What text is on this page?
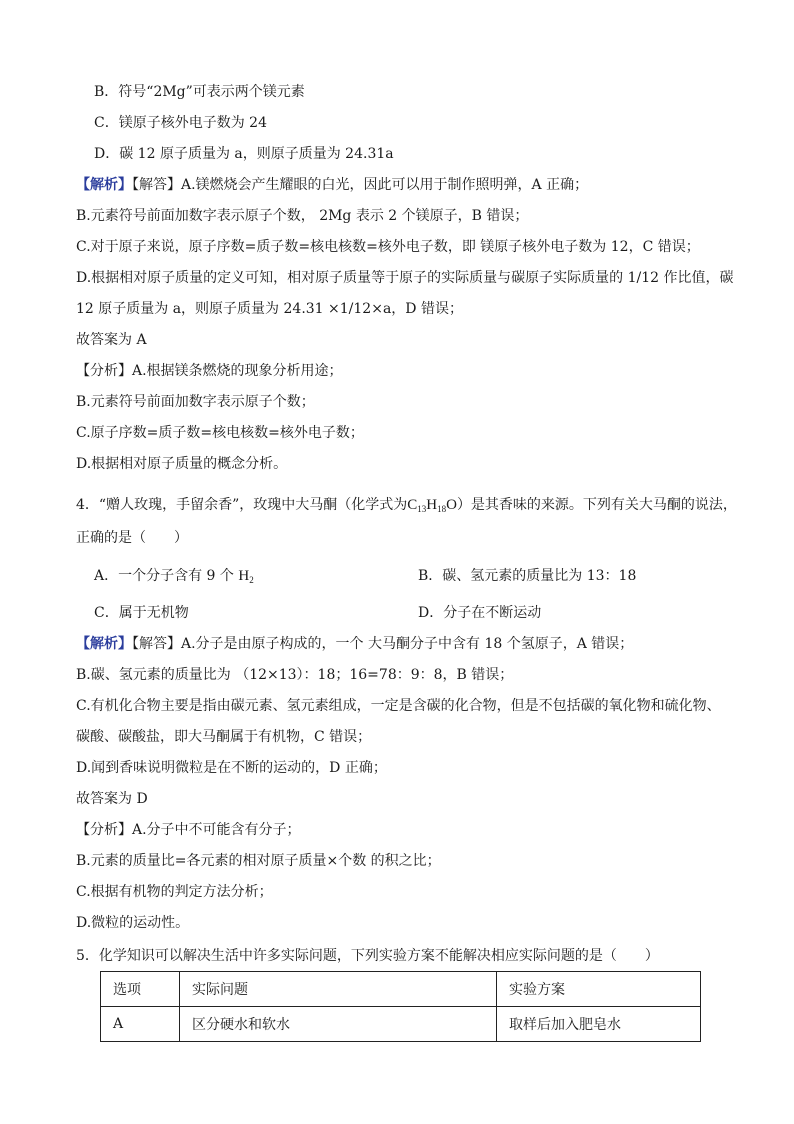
B．符号“2Mg”可表示两个镁元素
C．镁原子核外电子数为 24
D．碳 12 原子质量为 a，则原子质量为 24.31a
【解析】【解答】A.镁燃烧会产生耀眼的白光，因此可以用于制作照明弹，A 正确；
B.元素符号前面加数字表示原子个数， 2Mg 表示 2 个镁原子，B 错误；
C.对于原子来说，原子序数=质子数=核电核数=核外电子数，即 镁原子核外电子数为 12，C 错误；
D.根据相对原子质量的定义可知，相对原子质量等于原子的实际质量与碳原子实际质量的 1/12 作比值，碳
12 原子质量为 a，则原子质量为 24.31 ×1/12×a，D 错误；
故答案为 A
【分析】A.根据镁条燃烧的现象分析用途；
B.元素符号前面加数字表示原子个数；
C.原子序数=质子数=核电核数=核外电子数；
D.根据相对原子质量的概念分析。
4．“赠人玫瑰，手留余香”，玫瑰中大马酮（化学式为$C_{13}H_{18}O$）是其香味的来源。下列有关大马酮的说法，
正确的是（　　）
A．一个分子含有 9 个 $H_2$	B．碳、氢元素的质量比为 13：18
C．属于无机物	D．分子在不断运动
【解析】【解答】A.分子是由原子构成的，一个 大马酮分子中含有 18 个氢原子，A 错误；
B.碳、氢元素的质量比为 （12×13）：18；16=78：9：8，B 错误；
C.有机化合物主要是指由碳元素、氢元素组成，一定是含碳的化合物，但是不包括碳的氧化物和硫化物、
碳酸、碳酸盐，即大马酮属于有机物，C 错误；
D.闻到香味说明微粒是在不断的运动的，D 正确；
故答案为 D
【分析】A.分子中不可能含有分子；
B.元素的质量比=各元素的相对原子质量×个数 的积之比；
C.根据有机物的判定方法分析；
D.微粒的运动性。
5．化学知识可以解决生活中许多实际问题，下列实验方案不能解决相应实际问题的是（　　）
选项	实际问题	实验方案
A	区分硬水和软水	取样后加入肥皂水
